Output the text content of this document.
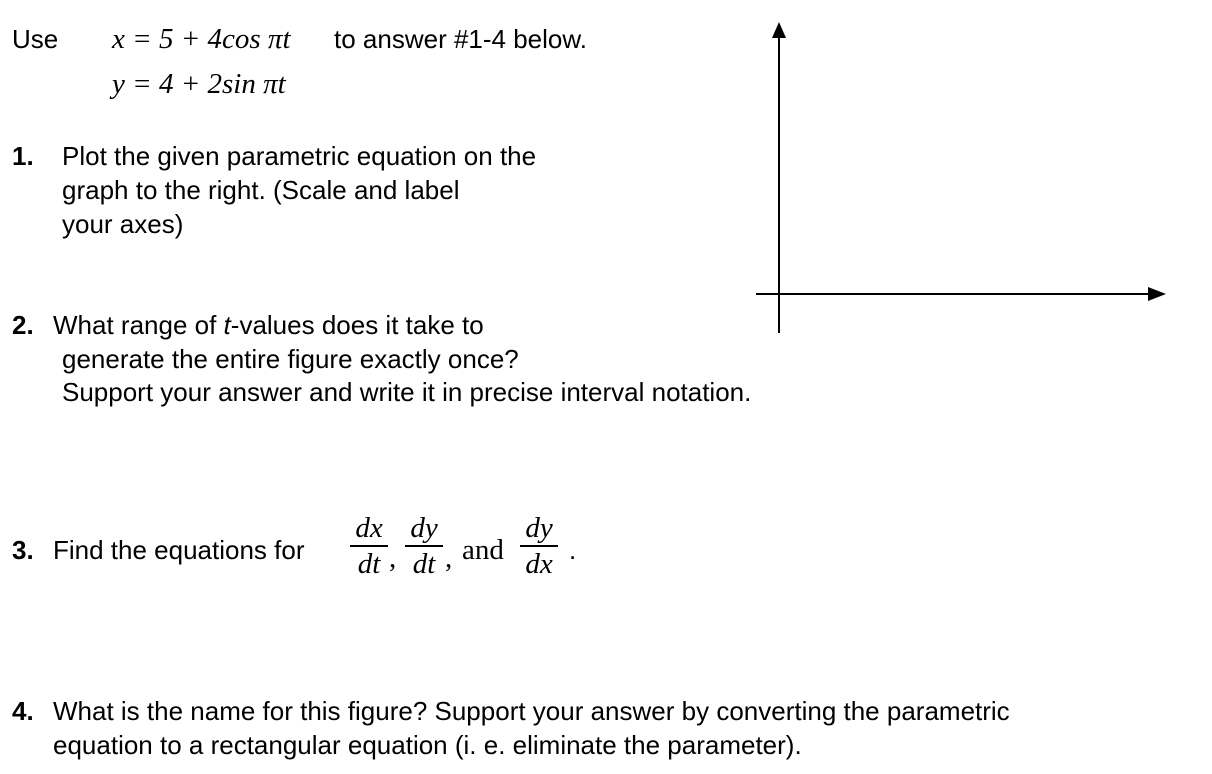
Use x = 5 + 4cos πt
y = 4 + 2sin πt
to answer #1-4 below.
1. Plot the given parametric equation on the
graph to the right. (Scale and label
your axes)
2. What range of t-values does it take to
generate the entire figure exactly once?
Support your answer and write it in precise interval notation.
3. Find the equations for
dx
dt ,
dy
dt , and
dy
dx .
4. What is the name for this figure? Support your answer by converting the parametric
equation to a rectangular equation (i. e. eliminate the parameter).
